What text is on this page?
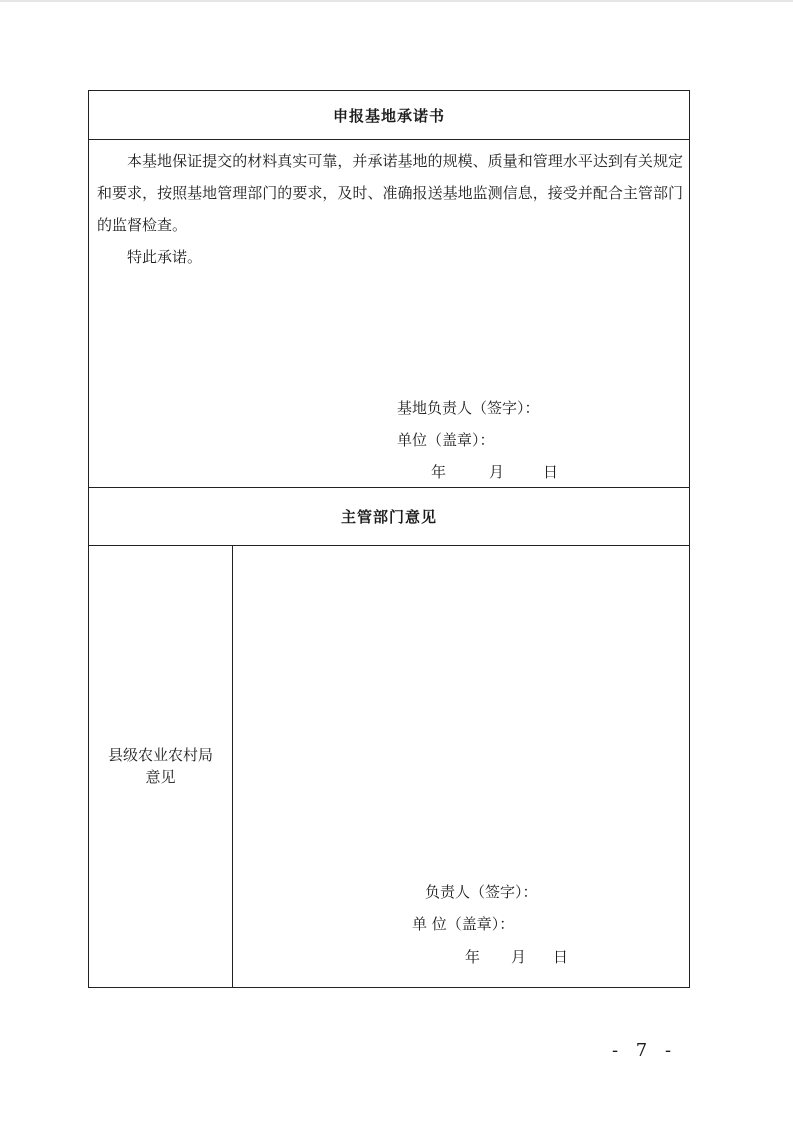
申报基地承诺书
本基地保证提交的材料真实可靠，并承诺基地的规模、质量和管理水平达到有关规定和要求，按照基地管理部门的要求，及时、准确报送基地监测信息，接受并配合主管部门的监督检查。
特此承诺。
基地负责人（签字）：
单位（盖章）：
年	月	日
主管部门意见
县级农业农村局
意见
负责人（签字）：
单 位（盖章）：
年 月 日
- 7 -
